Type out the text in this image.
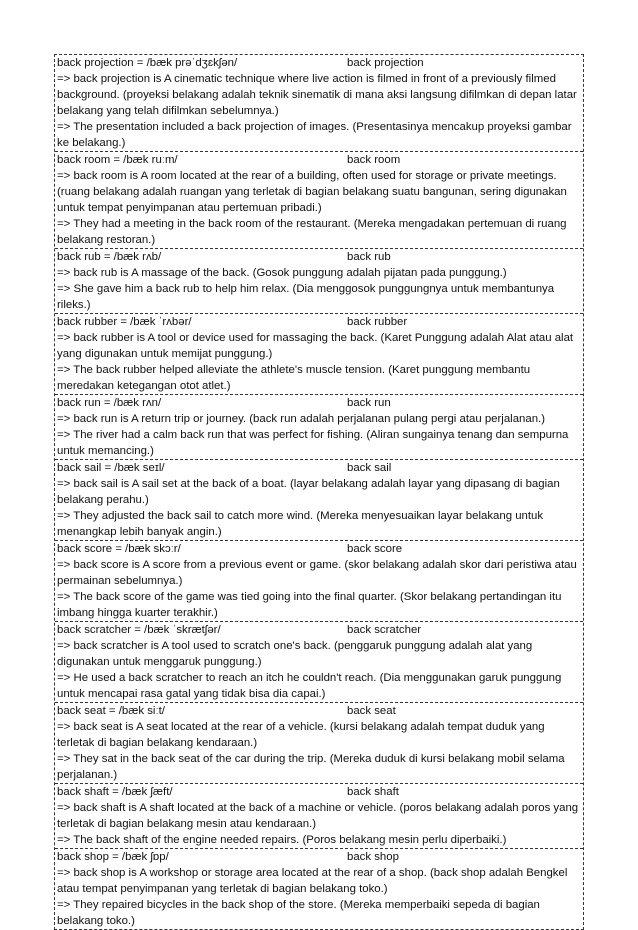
back projection = /bæk prəˈdʒɛkʃən/	back projection

=> back projection is A cinematic technique where live action is filmed in front of a previously filmed background. (proyeksi belakang adalah teknik sinematik di mana aksi langsung difilmkan di depan latar belakang yang telah difilmkan sebelumnya.)

=> The presentation included a back projection of images. (Presentasinya mencakup proyeksi gambar ke belakang.)

back room = /bæk ruːm/	back room

=> back room is A room located at the rear of a building, often used for storage or private meetings. (ruang belakang adalah ruangan yang terletak di bagian belakang suatu bangunan, sering digunakan untuk tempat penyimpanan atau pertemuan pribadi.)

=> They had a meeting in the back room of the restaurant. (Mereka mengadakan pertemuan di ruang belakang restoran.)

back rub = /bæk rʌb/	back rub

=> back rub is A massage of the back. (Gosok punggung adalah pijatan pada punggung.)

=> She gave him a back rub to help him relax. (Dia menggosok punggungnya untuk membantunya rileks.)

back rubber = /bæk ˈrʌbər/	back rubber

=> back rubber is A tool or device used for massaging the back. (Karet Punggung adalah Alat atau alat yang digunakan untuk memijat punggung.)

=> The back rubber helped alleviate the athlete's muscle tension. (Karet punggung membantu meredakan ketegangan otot atlet.)

back run = /bæk rʌn/	back run

=> back run is A return trip or journey. (back run adalah perjalanan pulang pergi atau perjalanan.)

=> The river had a calm back run that was perfect for fishing. (Aliran sungainya tenang dan sempurna untuk memancing.)

back sail = /bæk seɪl/	back sail

=> back sail is A sail set at the back of a boat. (layar belakang adalah layar yang dipasang di bagian belakang perahu.)

=> They adjusted the back sail to catch more wind. (Mereka menyesuaikan layar belakang untuk menangkap lebih banyak angin.)

back score = /bæk skɔːr/	back score

=> back score is A score from a previous event or game. (skor belakang adalah skor dari peristiwa atau permainan sebelumnya.)

=> The back score of the game was tied going into the final quarter. (Skor belakang pertandingan itu imbang hingga kuarter terakhir.)

back scratcher = /bæk ˈskrætʃər/	back scratcher

=> back scratcher is A tool used to scratch one's back. (penggaruk punggung adalah alat yang digunakan untuk menggaruk punggung.)

=> He used a back scratcher to reach an itch he couldn't reach. (Dia menggunakan garuk punggung untuk mencapai rasa gatal yang tidak bisa dia capai.)

back seat = /bæk siːt/	back seat

=> back seat is A seat located at the rear of a vehicle. (kursi belakang adalah tempat duduk yang terletak di bagian belakang kendaraan.)

=> They sat in the back seat of the car during the trip. (Mereka duduk di kursi belakang mobil selama perjalanan.)

back shaft = /bæk ʃæft/	back shaft

=> back shaft is A shaft located at the back of a machine or vehicle. (poros belakang adalah poros yang terletak di bagian belakang mesin atau kendaraan.)

=> The back shaft of the engine needed repairs. (Poros belakang mesin perlu diperbaiki.)

back shop = /bæk ʃɒp/	back shop

=> back shop is A workshop or storage area located at the rear of a shop. (back shop adalah Bengkel atau tempat penyimpanan yang terletak di bagian belakang toko.)

=> They repaired bicycles in the back shop of the store. (Mereka memperbaiki sepeda di bagian belakang toko.)
